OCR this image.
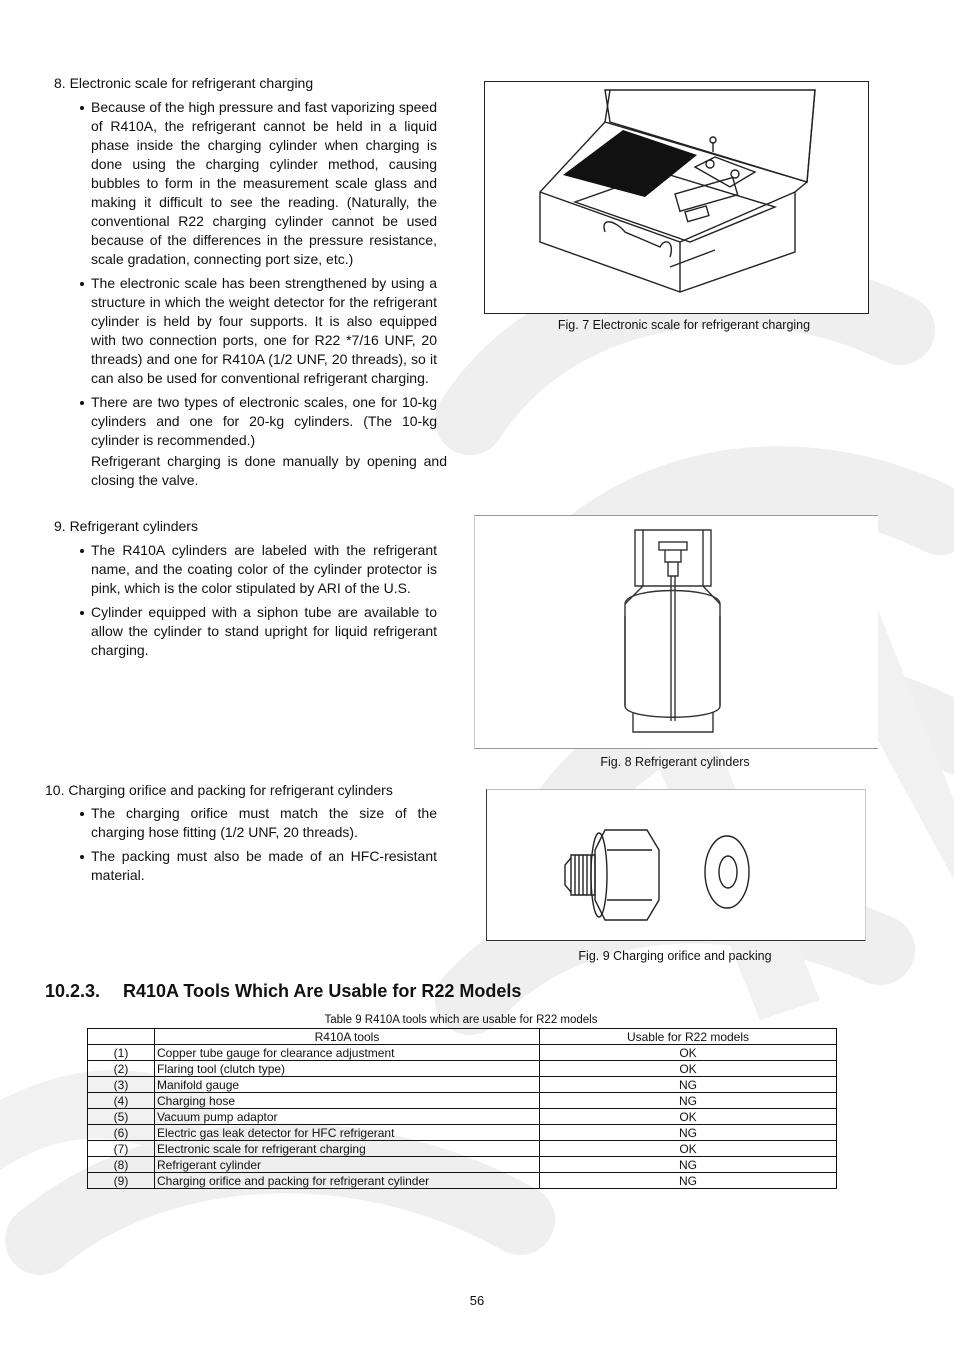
8. Electronic scale for refrigerant charging
Because of the high pressure and fast vaporizing speed of R410A, the refrigerant cannot be held in a liquid phase inside the charging cylinder when charging is done using the charging cylinder method, causing bubbles to form in the measurement scale glass and making it difficult to see the reading. (Naturally, the conventional R22 charging cylinder cannot be used because of the differences in the pressure resistance, scale gradation, connecting port size, etc.)
The electronic scale has been strengthened by using a structure in which the weight detector for the refrigerant cylinder is held by four supports. It is also equipped with two connection ports, one for R22 *7/16 UNF, 20 threads) and one for R410A (1/2 UNF, 20 threads), so it can also be used for conventional refrigerant charging.
There are two types of electronic scales, one for 10-kg cylinders and one for 20-kg cylinders. (The 10-kg cylinder is recommended.)
Refrigerant charging is done manually by opening and closing the valve.
Fig. 7 Electronic scale for refrigerant charging
9. Refrigerant cylinders
The R410A cylinders are labeled with the refrigerant name, and the coating color of the cylinder protector is pink, which is the color stipulated by ARI of the U.S.
Cylinder equipped with a siphon tube are available to allow the cylinder to stand upright for liquid refrigerant charging.
Fig. 8 Refrigerant cylinders
10. Charging orifice and packing for refrigerant cylinders
The charging orifice must match the size of the charging hose fitting (1/2 UNF, 20 threads).
The packing must also be made of an HFC-resistant material.
Fig. 9 Charging orifice and packing
10.2.3. R410A Tools Which Are Usable for R22 Models
Table 9 R410A tools which are usable for R22 models
	R410A tools	Usable for R22 models
(1)	Copper tube gauge for clearance adjustment	OK
(2)	Flaring tool (clutch type)	OK
(3)	Manifold gauge	NG
(4)	Charging hose	NG
(5)	Vacuum pump adaptor	OK
(6)	Electric gas leak detector for HFC refrigerant	NG
(7)	Electronic scale for refrigerant charging	OK
(8)	Refrigerant cylinder	NG
(9)	Charging orifice and packing for refrigerant cylinder	NG
56
